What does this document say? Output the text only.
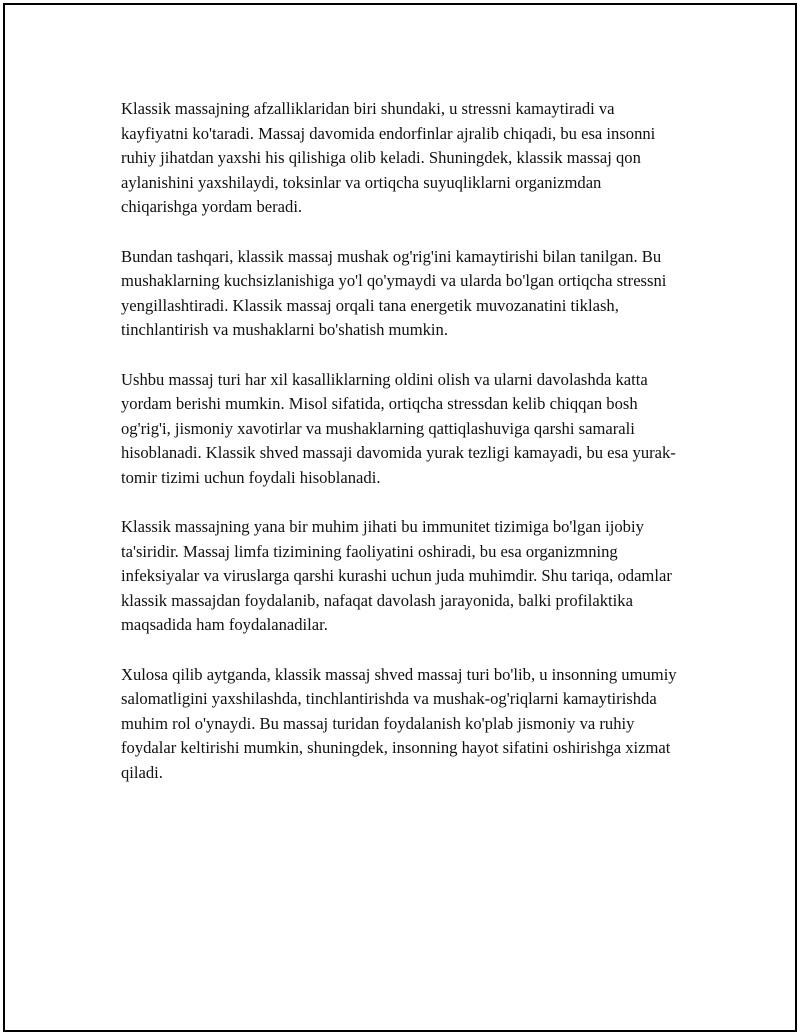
Klassik massajning afzalliklaridan biri shundaki, u stressni kamaytiradi va kayfiyatni ko'taradi. Massaj davomida endorfinlar ajralib chiqadi, bu esa insonni ruhiy jihatdan yaxshi his qilishiga olib keladi. Shuningdek, klassik massaj qon aylanishini yaxshilaydi, toksinlar va ortiqcha suyuqliklarni organizmdan chiqarishga yordam beradi.

Bundan tashqari, klassik massaj mushak og'rig'ini kamaytirishi bilan tanilgan. Bu mushaklarning kuchsizlanishiga yo'l qo'ymaydi va ularda bo'lgan ortiqcha stressni yengillashtiradi. Klassik massaj orqali tana energetik muvozanatini tiklash, tinchlantirish va mushaklarni bo'shatish mumkin.

Ushbu massaj turi har xil kasalliklarning oldini olish va ularni davolashda katta yordam berishi mumkin. Misol sifatida, ortiqcha stressdan kelib chiqqan bosh og'rig'i, jismoniy xavotirlar va mushaklarning qattiqlashuviga qarshi samarali hisoblanadi. Klassik shved massaji davomida yurak tezligi kamayadi, bu esa yurak-tomir tizimi uchun foydali hisoblanadi.

Klassik massajning yana bir muhim jihati bu immunitet tizimiga bo'lgan ijobiy ta'siridir. Massaj limfa tizimining faoliyatini oshiradi, bu esa organizmning infeksiyalar va viruslarga qarshi kurashi uchun juda muhimdir. Shu tariqa, odamlar klassik massajdan foydalanib, nafaqat davolash jarayonida, balki profilaktika maqsadida ham foydalanadilar.

Xulosa qilib aytganda, klassik massaj shved massaj turi bo'lib, u insonning umumiy salomatligini yaxshilashda, tinchlantirishda va mushak-og'riqlarni kamaytirishda muhim rol o'ynaydi. Bu massaj turidan foydalanish ko'plab jismoniy va ruhiy foydalar keltirishi mumkin, shuningdek, insonning hayot sifatini oshirishga xizmat qiladi.
